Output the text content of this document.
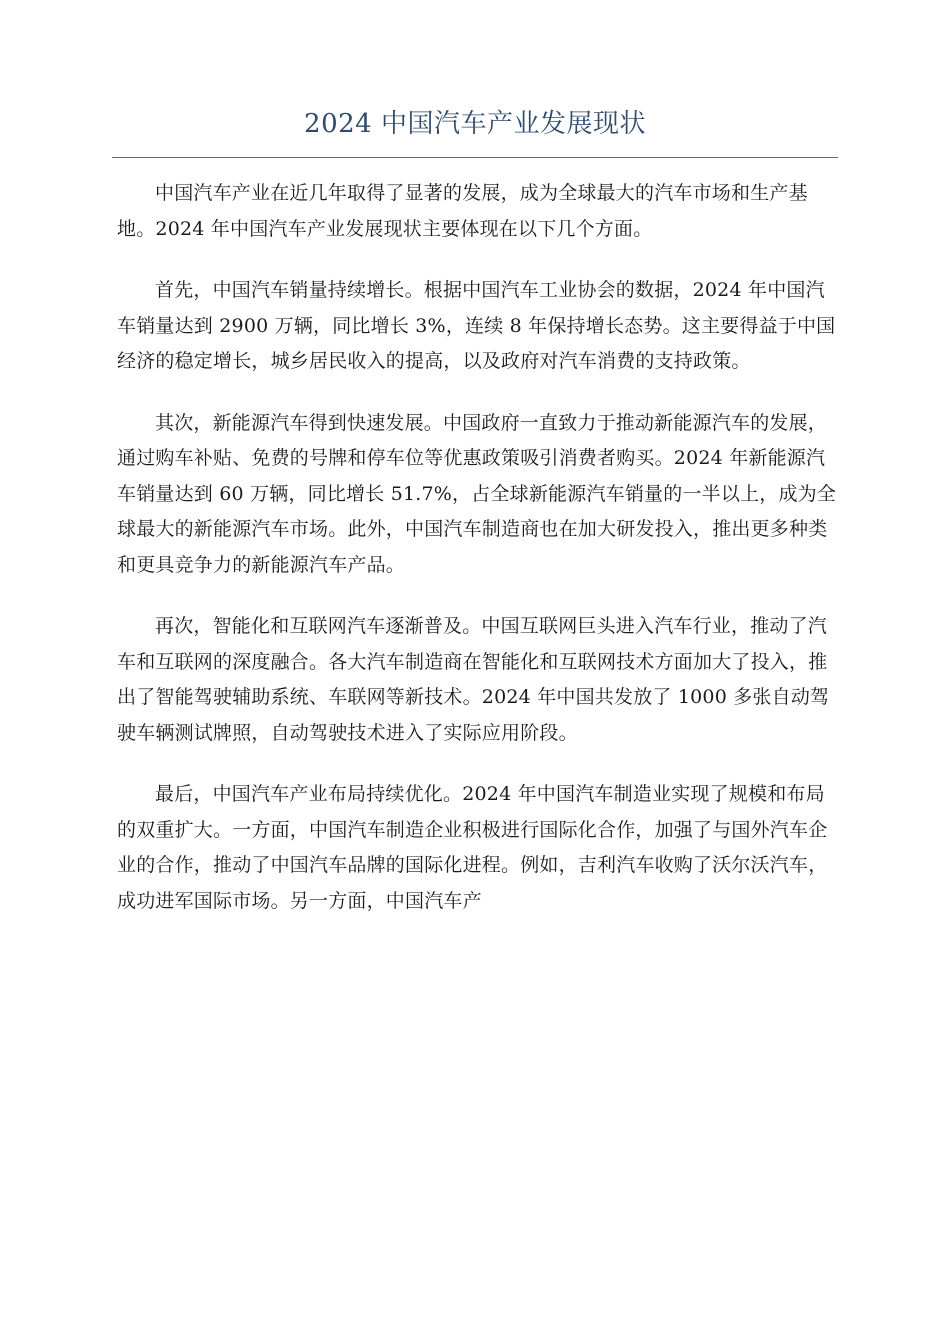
2024 中国汽车产业发展现状

中国汽车产业在近几年取得了显著的发展，成为全球最大的汽车市场和生产基地。2024 年中国汽车产业发展现状主要体现在以下几个方面。

首先，中国汽车销量持续增长。根据中国汽车工业协会的数据，2024 年中国汽车销量达到 2900 万辆，同比增长 3%，连续 8 年保持增长态势。这主要得益于中国经济的稳定增长，城乡居民收入的提高，以及政府对汽车消费的支持政策。

其次，新能源汽车得到快速发展。中国政府一直致力于推动新能源汽车的发展，通过购车补贴、免费的号牌和停车位等优惠政策吸引消费者购买。2024 年新能源汽车销量达到 60 万辆，同比增长 51.7%，占全球新能源汽车销量的一半以上，成为全球最大的新能源汽车市场。此外，中国汽车制造商也在加大研发投入，推出更多种类和更具竞争力的新能源汽车产品。

再次，智能化和互联网汽车逐渐普及。中国互联网巨头进入汽车行业，推动了汽车和互联网的深度融合。各大汽车制造商在智能化和互联网技术方面加大了投入，推出了智能驾驶辅助系统、车联网等新技术。2024 年中国共发放了 1000 多张自动驾驶车辆测试牌照，自动驾驶技术进入了实际应用阶段。

最后，中国汽车产业布局持续优化。2024 年中国汽车制造业实现了规模和布局的双重扩大。一方面，中国汽车制造企业积极进行国际化合作，加强了与国外汽车企业的合作，推动了中国汽车品牌的国际化进程。例如，吉利汽车收购了沃尔沃汽车，成功进军国际市场。另一方面，中国汽车产
